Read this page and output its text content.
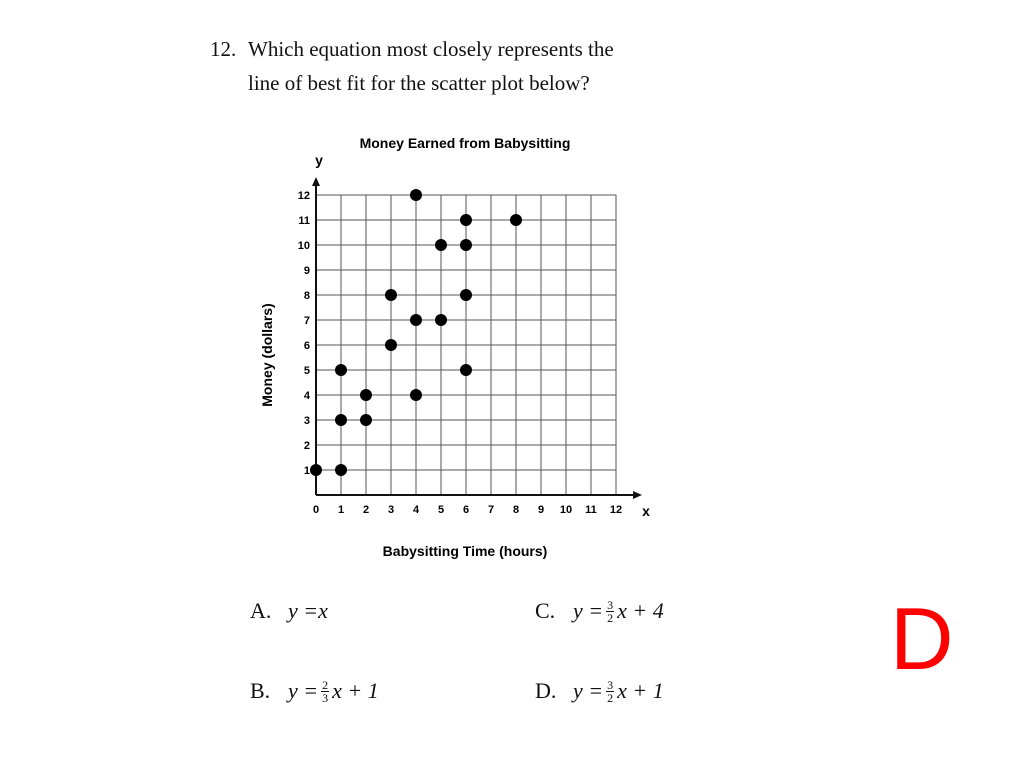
12. Which equation most closely represents the
line of best fit for the scatter plot below?
Money Earned from Babysitting
Babysitting Time (hours)
Money (dollars)
y
x
0 1 2 3 4 5 6 7 8 9 10 11 12
1
2
3
4
5
6
7
8
9
10
11
12
A. y = x
B. $y = \frac{2}{3}$ x + 1
C. $y = \frac{3}{2}$ x + 4
D. $y = \frac{3}{2}$ x + 1
D
